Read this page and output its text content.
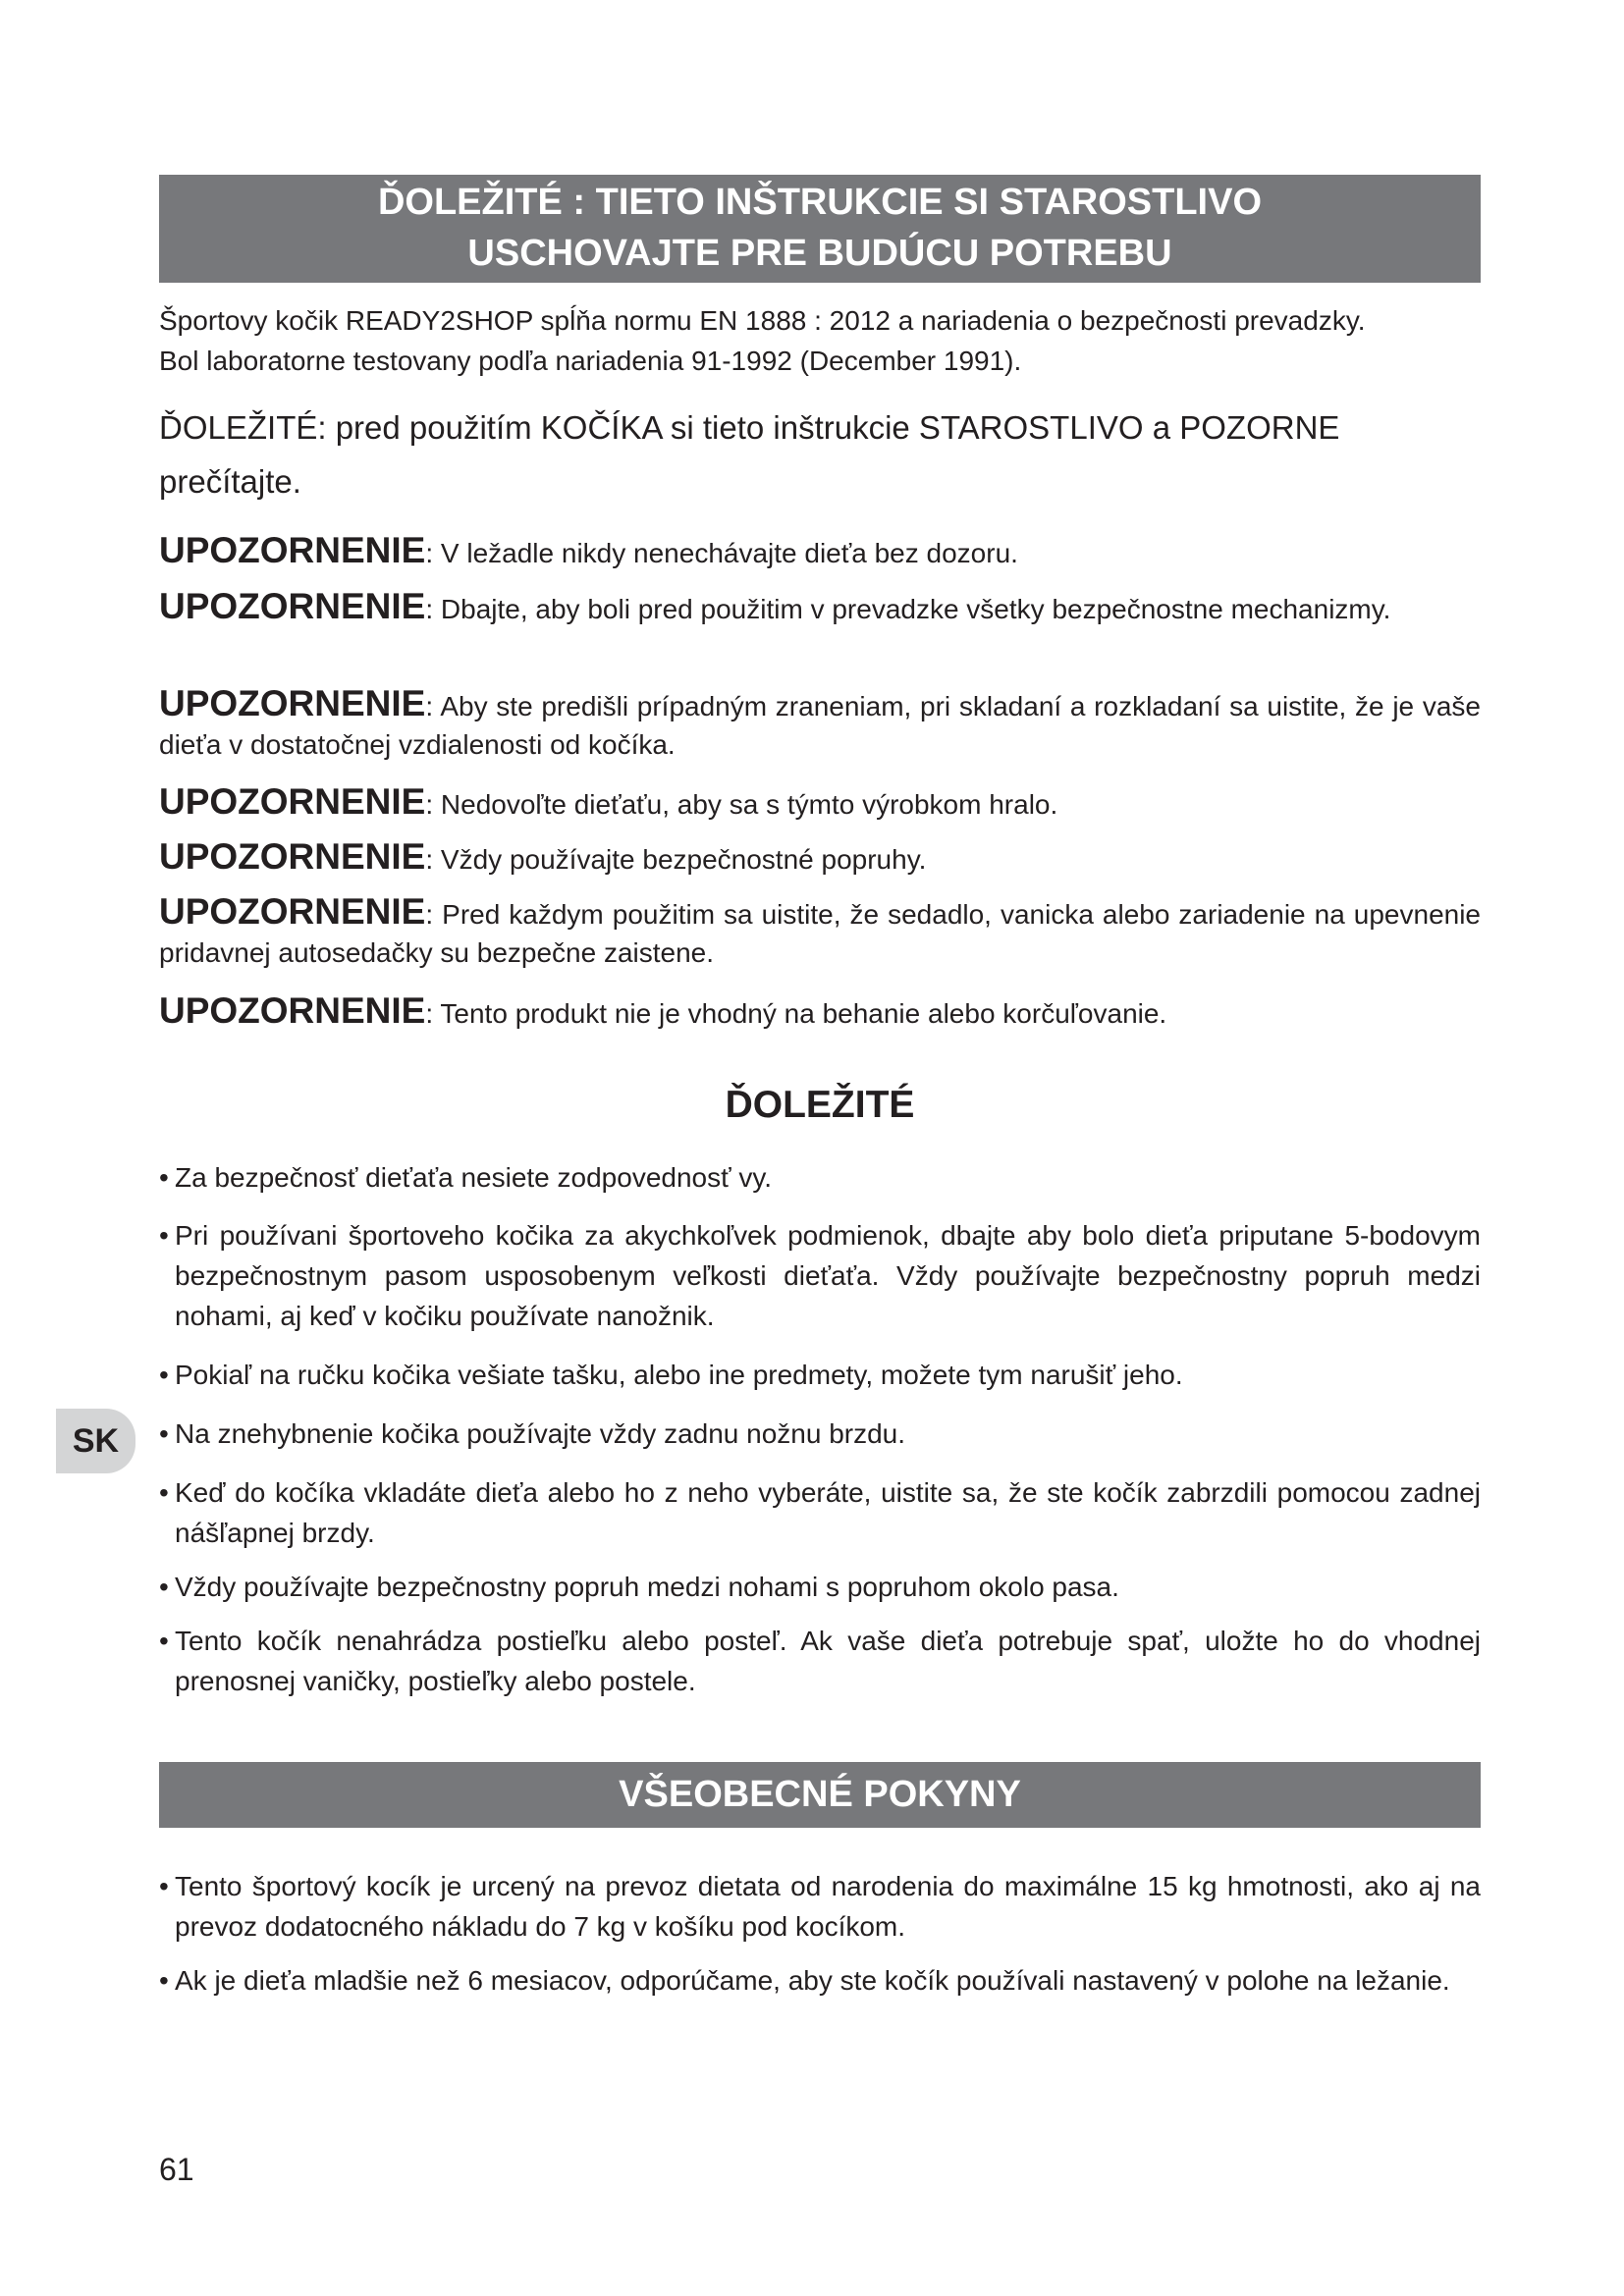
ĎOLEŽITÉ : TIETO INŠTRUKCIE SI STAROSTLIVO
USCHOVAJTE PRE BUDÚCU POTREBU
Športovy kočik READY2SHOP spĺňa normu EN 1888 : 2012 a nariadenia o bezpečnosti prevadzky.
Bol laboratorne testovany podľa nariadenia 91-1992 (December 1991).
ĎOLEŽITÉ: pred použitím KOČÍKA si tieto inštrukcie STAROSTLIVO a POZORNE
prečítajte.

UPOZORNENIE: V ležadle nikdy nenechávajte dieťa bez dozoru.

UPOZORNENIE: Dbajte, aby boli pred použitim v prevadzke všetky bezpečnostne mechanizmy.

UPOZORNENIE: Aby ste predišli prípadným zraneniam, pri skladaní a rozkladaní sa uistite, že je vaše dieťa v dostatočnej vzdialenosti od kočíka.

UPOZORNENIE: Nedovoľte dieťaťu, aby sa s týmto výrobkom hralo.

UPOZORNENIE: Vždy používajte bezpečnostné popruhy.

UPOZORNENIE: Pred každym použitim sa uistite, že sedadlo, vanicka alebo zariadenie na upevnenie pridavnej autosedačky su bezpečne zaistene.

UPOZORNENIE: Tento produkt nie je vhodný na behanie alebo korčuľovanie.

ĎOLEŽITÉ
• Za bezpečnosť dieťaťa nesiete zodpovednosť vy.
• Pri používani športoveho kočika za akychkoľvek podmienok, dbajte aby bolo dieťa priputane 5-bodovym bezpečnostnym pasom usposobenym veľkosti dieťaťa. Vždy používajte bezpečnostny popruh medzi nohami, aj keď v kočiku používate nanožnik.
• Pokiaľ na ručku kočika vešiate tašku, alebo ine predmety, možete tym narušiť jeho.
• Na znehybnenie kočika používajte vždy zadnu nožnu brzdu.
• Keď do kočíka vkladáte dieťa alebo ho z neho vyberáte, uistite sa, že ste kočík zabrzdili pomocou zadnej nášľapnej brzdy.
• Vždy používajte bezpečnostny popruh medzi nohami s popruhom okolo pasa.
• Tento kočík nenahrádza postieľku alebo posteľ. Ak vaše dieťa potrebuje spať, uložte ho do vhodnej prenosnej vaničky, postieľky alebo postele.
VŠEOBECNÉ POKYNY
• Tento športový kocík je urcený na prevoz dietata od narodenia do maximálne 15 kg hmotnosti, ako aj na prevoz dodatocného nákladu do 7 kg v košíku pod kocíkom.
• Ak je dieťa mladšie než 6 mesiacov, odporúčame, aby ste kočík používali nastavený v polohe na ležanie.
SK
61
